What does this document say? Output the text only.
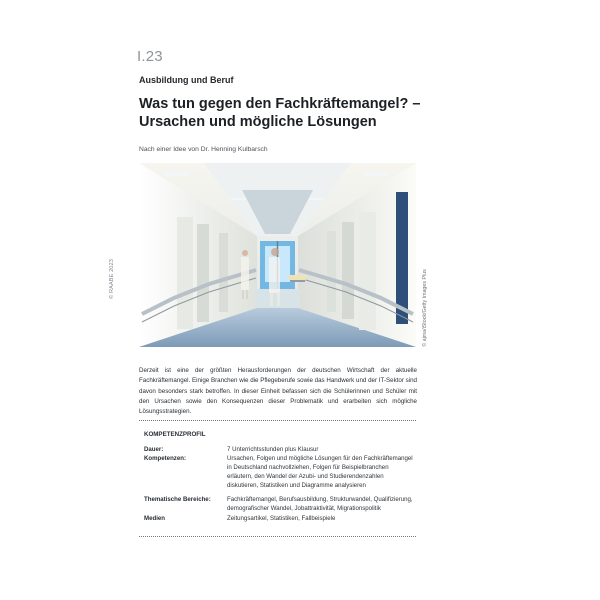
© RAABE 2023
I.23
Ausbildung und Beruf
Was tun gegen den Fachkräftemangel? – Ursachen und mögliche Lösungen
Nach einer Idee von Dr. Henning Kulbarsch
© ajma/iStock/Getty Images Plus

Derzeit ist eine der größten Herausforderungen der deutschen Wirtschaft der aktuelle Fachkräftemangel. Einige Branchen wie die Pflegeberufe sowie das Handwerk und der IT-Sektor sind davon besonders stark betroffen. In dieser Einheit befassen sich die Schülerinnen und Schüler mit den Ursachen sowie den Konsequenzen dieser Problematik und erarbeiten sich mögliche Lösungsstrategien.

KOMPETENZPROFIL
Dauer:	7 Unterrichtsstunden plus Klausur
Kompetenzen:	Ursachen, Folgen und mögliche Lösungen für den Fachkräftemangel in Deutschland nachvollziehen, Folgen für Beispielbranchen erläutern, den Wandel der Azubi- und Studierendenzahlen diskutieren, Statistiken und Diagramme analysieren
Thematische Bereiche:	Fachkräftemangel, Berufsausbildung, Strukturwandel, Qualifizierung, demografischer Wandel, Jobattraktivität, Migrationspolitik
Medien	Zeitungsartikel, Statistiken, Fallbeispiele
